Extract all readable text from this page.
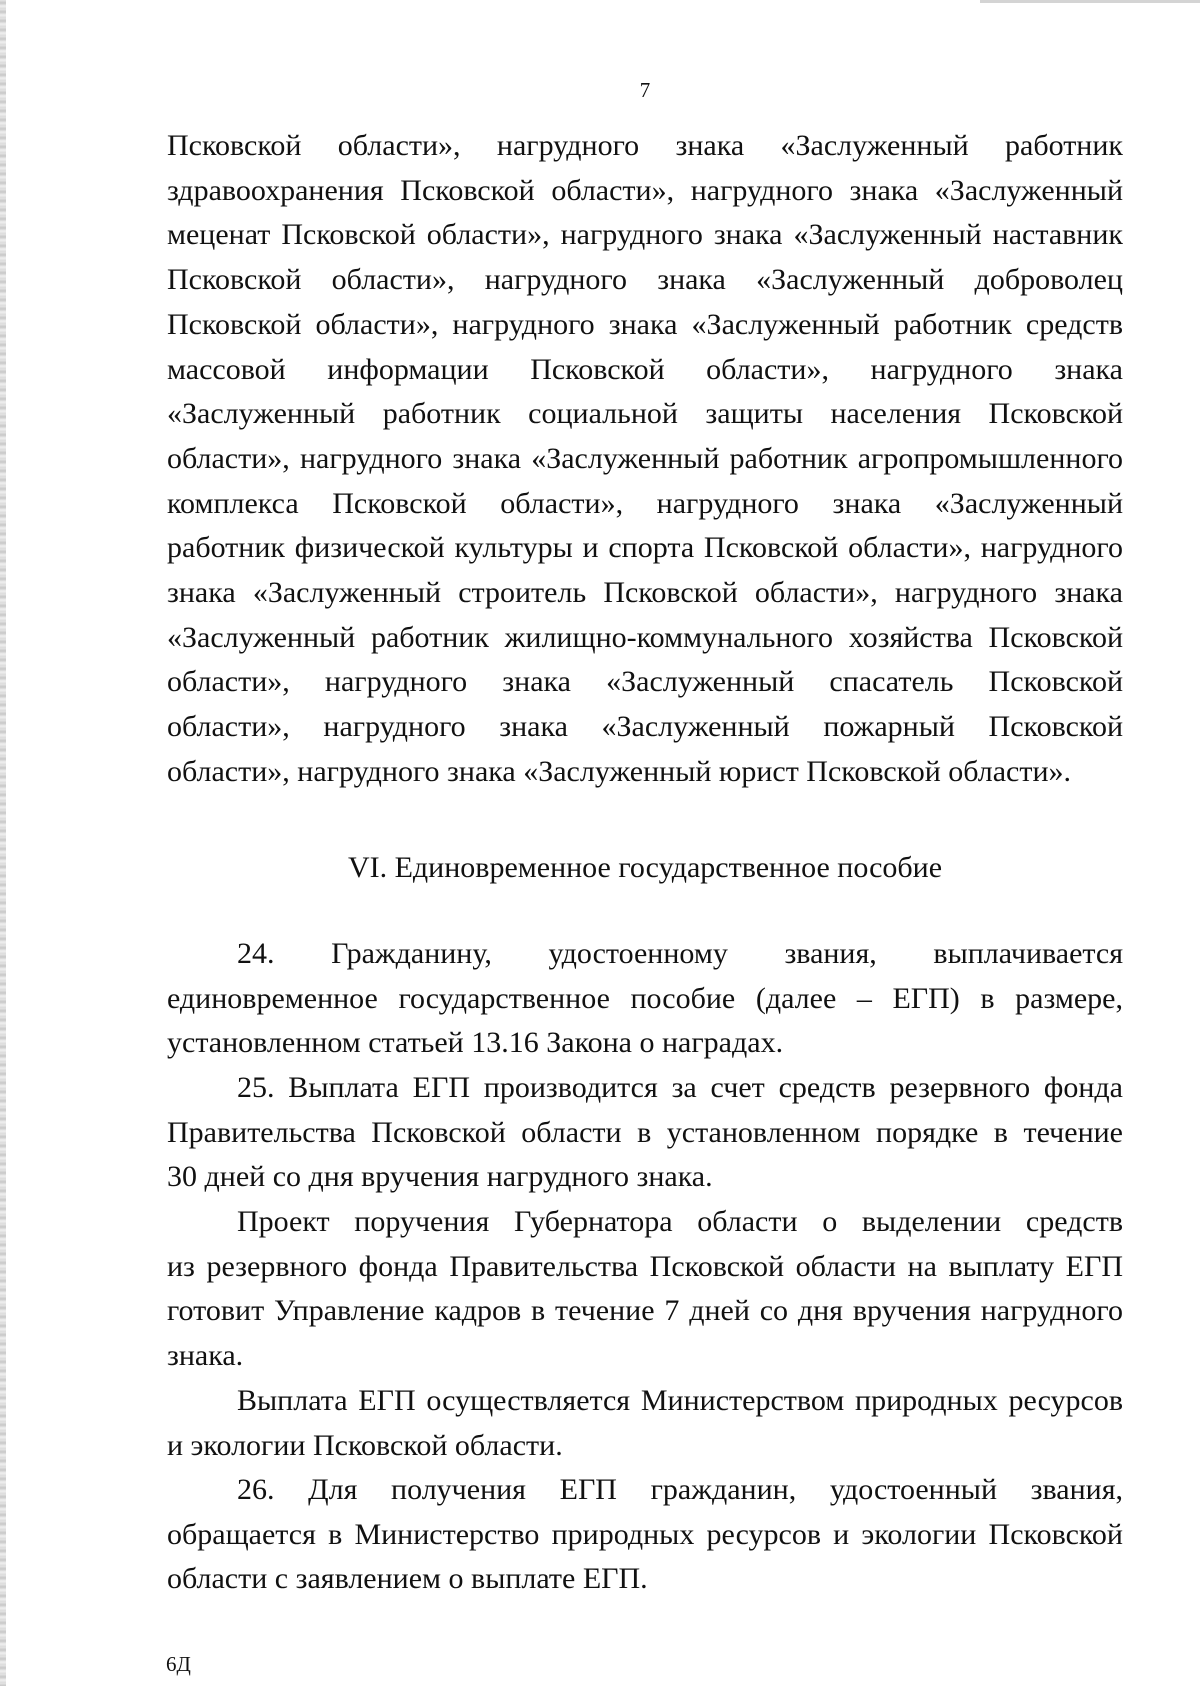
7
Псковской области», нагрудного знака «Заслуженный работник
здравоохранения Псковской области», нагрудного знака «Заслуженный
меценат Псковской области», нагрудного знака «Заслуженный наставник
Псковской области», нагрудного знака «Заслуженный доброволец
Псковской области», нагрудного знака «Заслуженный работник средств
массовой информации Псковской области», нагрудного знака
«Заслуженный работник социальной защиты населения Псковской
области», нагрудного знака «Заслуженный работник агропромышленного
комплекса Псковской области», нагрудного знака «Заслуженный
работник физической культуры и спорта Псковской области», нагрудного
знака «Заслуженный строитель Псковской области», нагрудного знака
«Заслуженный работник жилищно-коммунального хозяйства Псковской
области», нагрудного знака «Заслуженный спасатель Псковской
области», нагрудного знака «Заслуженный пожарный Псковской
области», нагрудного знака «Заслуженный юрист Псковской области».
VI. Единовременное государственное пособие
24. Гражданину, удостоенному звания, выплачивается
единовременное государственное пособие (далее – ЕГП) в размере,
установленном статьей 13.16 Закона о наградах.
25. Выплата ЕГП производится за счет средств резервного фонда
Правительства Псковской области в установленном порядке в течение
30 дней со дня вручения нагрудного знака.
Проект поручения Губернатора области о выделении средств
из резервного фонда Правительства Псковской области на выплату ЕГП
готовит Управление кадров в течение 7 дней со дня вручения нагрудного
знака.
Выплата ЕГП осуществляется Министерством природных ресурсов
и экологии Псковской области.
26. Для получения ЕГП гражданин, удостоенный звания,
обращается в Министерство природных ресурсов и экологии Псковской
области с заявлением о выплате ЕГП.
6Д
